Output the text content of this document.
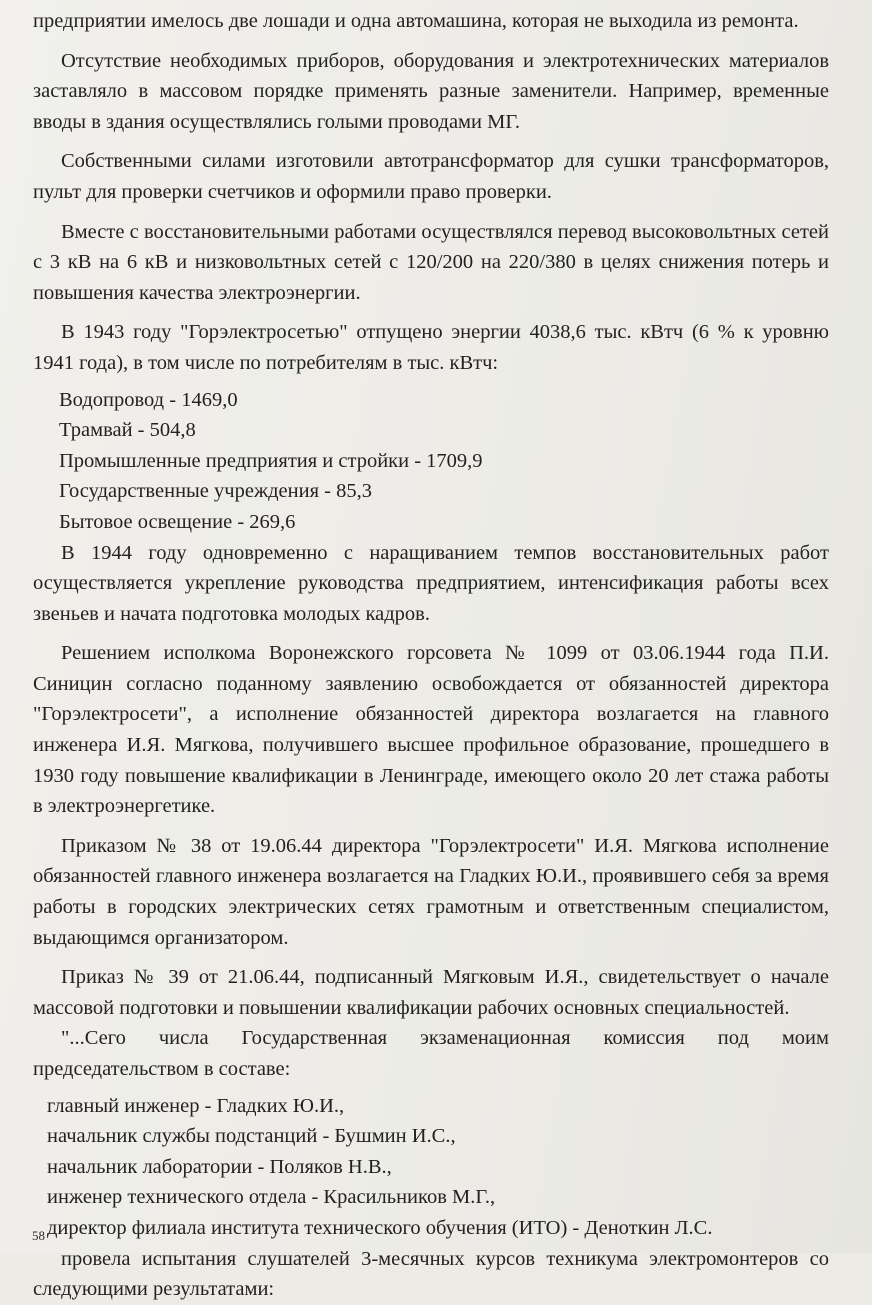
предприятии имелось две лошади и одна автомашина, которая не выходила из ремонта.

Отсутствие необходимых приборов, оборудования и электротехнических материалов заставляло в массовом порядке применять разные заменители. Например, временные вводы в здания осуществлялись голыми проводами МГ.

Собственными силами изготовили автотрансформатор для сушки трансформаторов, пульт для проверки счетчиков и оформили право проверки.

Вместе с восстановительными работами осуществлялся перевод высоковольтных сетей с 3 кВ на 6 кВ и низковольтных сетей с 120/200 на 220/380 в целях снижения потерь и повышения качества электроэнергии.

В 1943 году "Горэлектросетью" отпущено энергии 4038,6 тыс. кВтч (6 % к уровню 1941 года), в том числе по потребителям в тыс. кВтч:

Водопровод - 1469,0

Трамвай - 504,8

Промышленные предприятия и стройки - 1709,9

Государственные учреждения - 85,3

Бытовое освещение - 269,6

В 1944 году одновременно с наращиванием темпов восстановительных работ осуществляется укрепление руководства предприятием, интенсификация работы всех звеньев и начата подготовка молодых кадров.

Решением исполкома Воронежского горсовета № 1099 от 03.06.1944 года П.И. Синицин согласно поданному заявлению освобождается от обязанностей директора "Горэлектросети", а исполнение обязанностей директора возлагается на главного инженера И.Я. Мягкова, получившего высшее профильное образование, прошедшего в 1930 году повышение квалификации в Ленинграде, имеющего около 20 лет стажа работы в электроэнергетике.

Приказом № 38 от 19.06.44 директора "Горэлектросети" И.Я. Мягкова исполнение обязанностей главного инженера возлагается на Гладких Ю.И., проявившего себя за время работы в городских электрических сетях грамотным и ответственным специалистом, выдающимся организатором.

Приказ № 39 от 21.06.44, подписанный Мягковым И.Я., свидетельствует о начале массовой подготовки и повышении квалификации рабочих основных специальностей.

"...Сего числа Государственная экзаменационная комиссия под моим председательством в составе:

главный инженер - Гладких Ю.И.,

начальник службы подстанций - Бушмин И.С.,

начальник лаборатории - Поляков Н.В.,

инженер технического отдела - Красильников М.Г.,

директор филиала института технического обучения (ИТО) - Деноткин Л.С.

провела испытания слушателей 3-месячных курсов техникума электромонтеров со следующими результатами:

58
